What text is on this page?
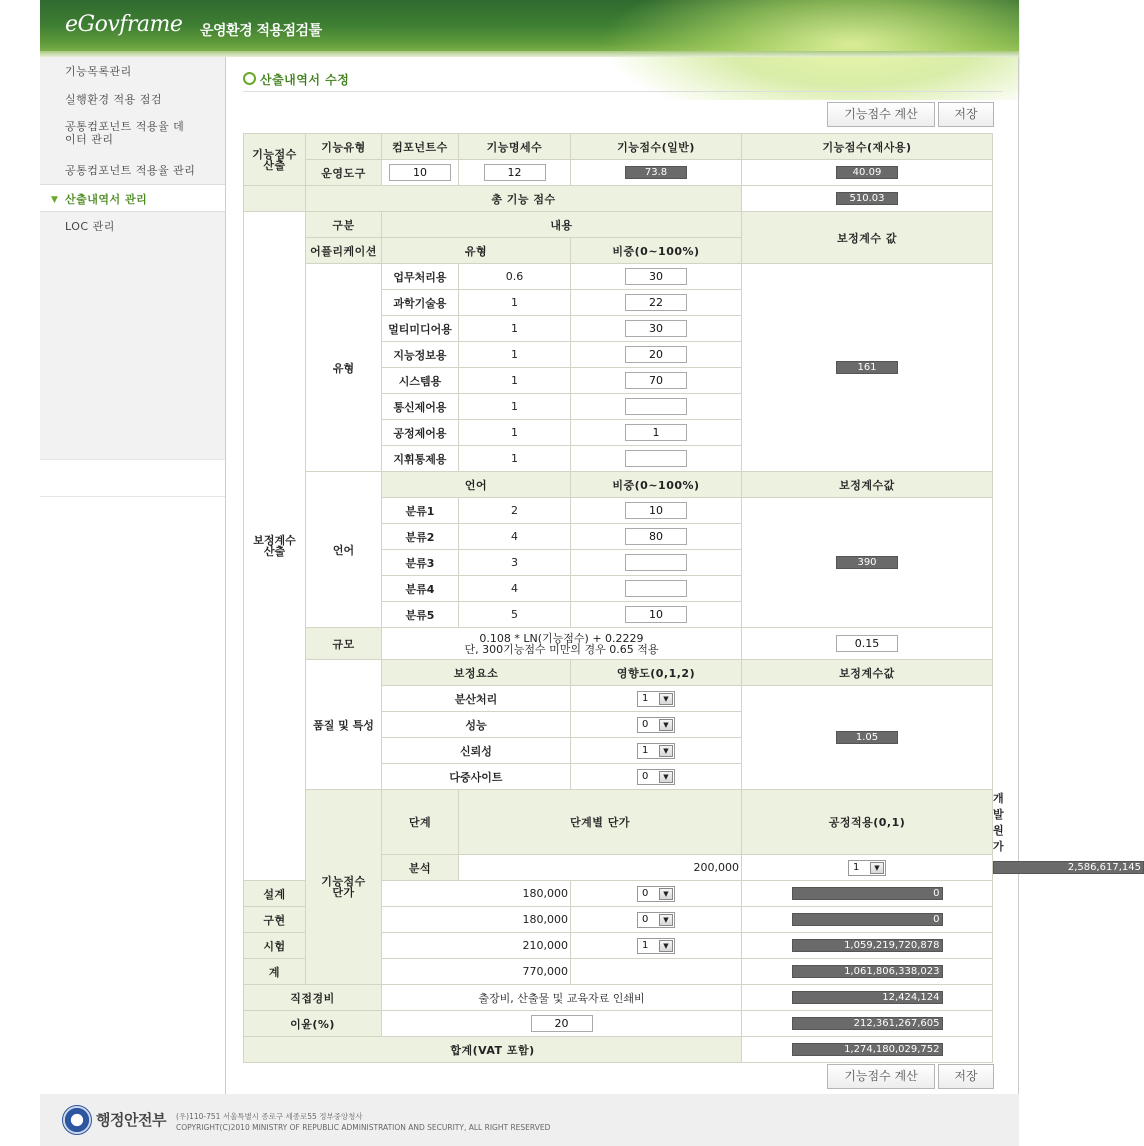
eGovframe 운영환경 적용점검툴
기능목록관리
실행환경 적용 점검
공통컴포넌트 적용율 데이터 관리
공통컴포넌트 적용율 관리
▼ 산출내역서 관리
LOC 관리
산출내역서 수정
기능점수 계산	저장
기능점수
산출	기능유형	컴포넌트수	기능명세수	기능점수(일반)	기능점수(재사용)	
	운영도구	10	12	73.8	40.09	
	총 기능 점수				510.03	
보정계수
산출	구분	내용			보정계수 값	
	어플리케이션	유형		비중(0~100%)		
	유형	업무처리용	0.6	30	161	
		과학기술용	1	22		
		멀티미디어용	1	30		
		지능정보용	1	20		
		시스템용	1	70		
		통신제어용	1			
		공정제어용	1	1		
		지휘통제용	1			
	언어	언어		비중(0~100%)	보정계수값	
		분류1	2	10	390	
		분류2	4	80		
		분류3	3			
		분류4	4			
		분류5	5	10		
	규모	0.108 * LN(기능점수) + 0.2229
단, 300기능점수 미만의 경우 0.65 적용			0.15	
	품질 및 특성	보정요소		영향도(0,1,2)	보정계수값	
		분산처리		1 ▼	1.05	
		성능		0 ▼		

		신뢰성		1 ▼		

		다중사이트		0 ▼		

	기능점수
단가	단계	단계별 단가		공정적용(0,1)	개발원가
		분석	200,000		1 ▼	2,586,617,145
설계		180,000		0 ▼	0	
구현		180,000		0 ▼	0	
시험		210,000		1 ▼	1,059,219,720,878	
계		770,000			1,061,806,338,023	
직접경비		출장비, 산출물 및 교육자료 인쇄비			12,424,124	
이윤(%)		20			212,361,267,605	
합계(VAT 포함)					1,274,180,029,752	
기능점수 계산	저장
행정안전부 (우)110-751 서울특별시 종로구 세종로55 정부중앙청사
COPYRIGHT(C)2010 MINISTRY OF REPUBLIC ADMINISTRATION AND SECURITY, ALL RIGHT RESERVED
